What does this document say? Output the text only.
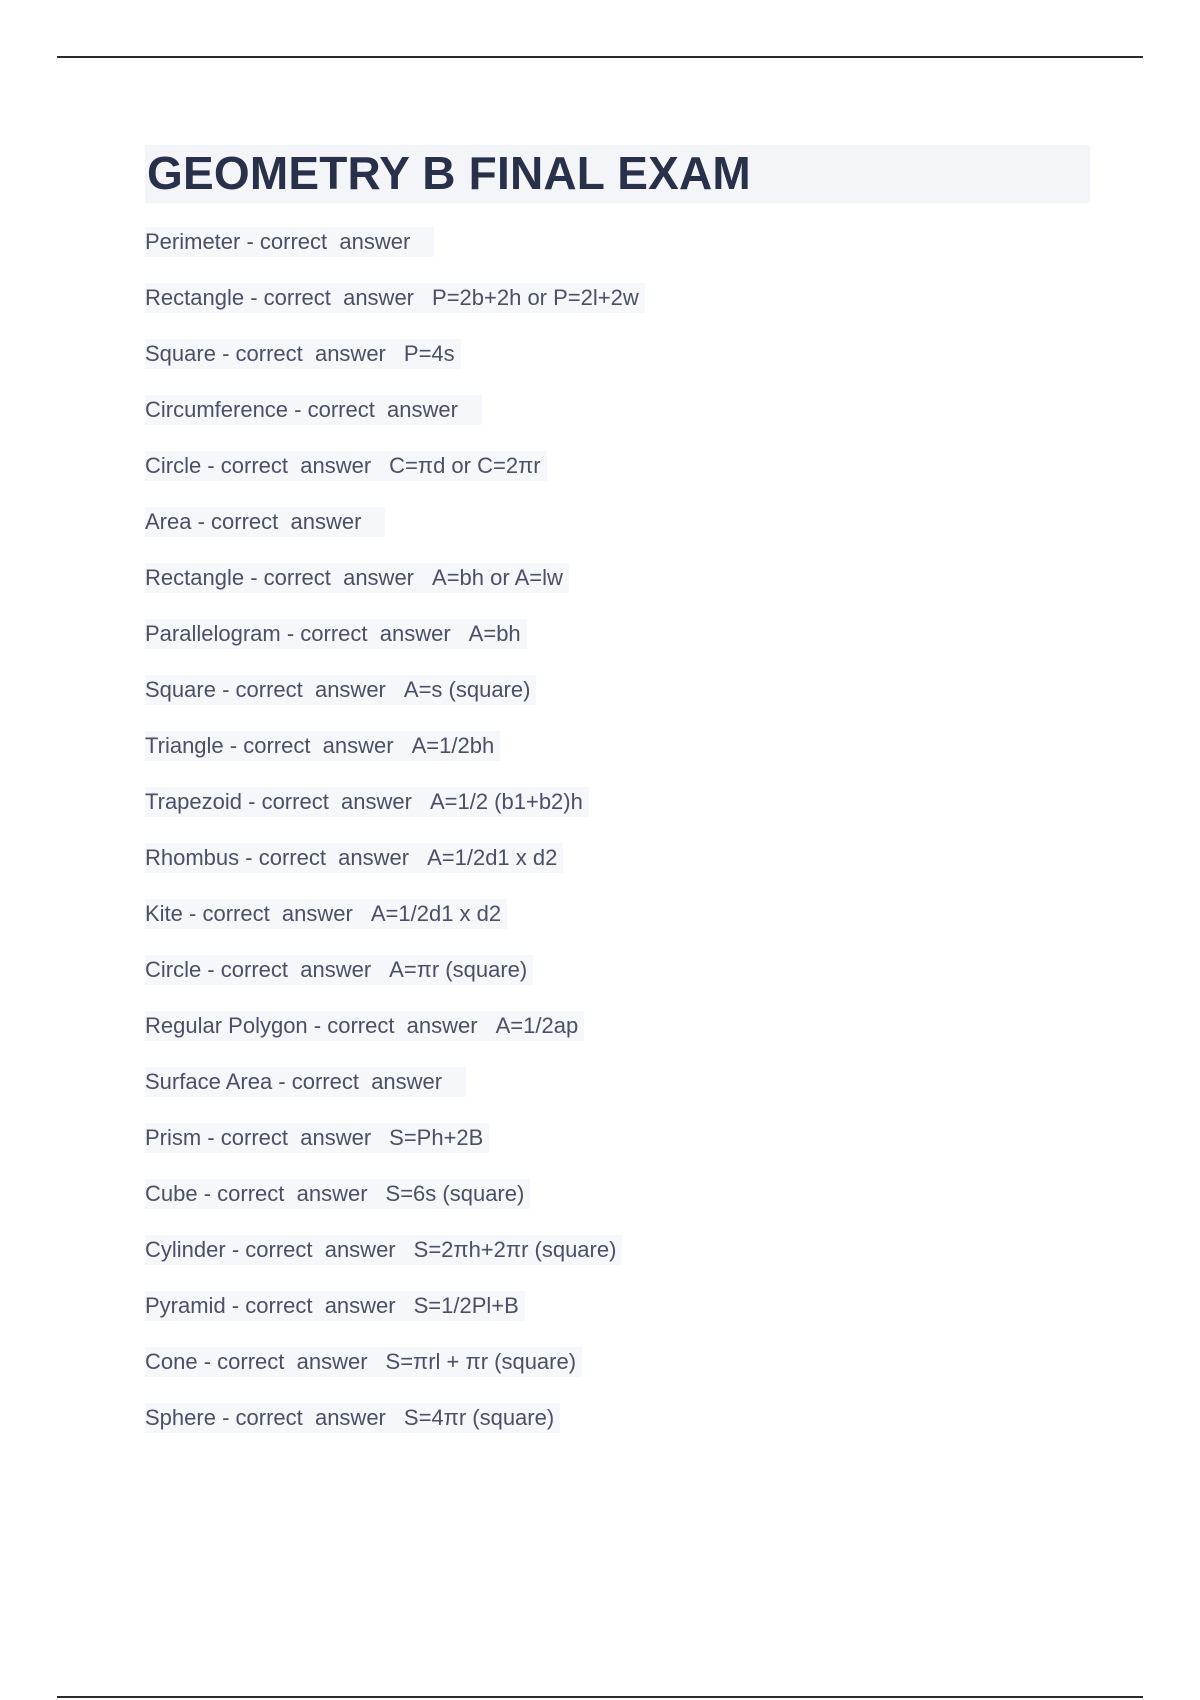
GEOMETRY B FINAL EXAM
Perimeter - correct  answer
Rectangle - correct  answer P=2b+2h or P=2l+2w
Square - correct  answer P=4s
Circumference - correct  answer
Circle - correct  answer C=πd or C=2πr
Area - correct  answer
Rectangle - correct  answer A=bh or A=lw
Parallelogram - correct  answer A=bh
Square - correct  answer A=s (square)
Triangle - correct  answer A=1/2bh
Trapezoid - correct  answer A=1/2 (b1+b2)h
Rhombus - correct  answer A=1/2d1 x d2
Kite - correct  answer A=1/2d1 x d2
Circle - correct  answer A=πr (square)
Regular Polygon - correct  answer A=1/2ap
Surface Area - correct  answer
Prism - correct  answer S=Ph+2B
Cube - correct  answer S=6s (square)
Cylinder - correct  answer S=2πh+2πr (square)
Pyramid - correct  answer S=1/2Pl+B
Cone - correct  answer S=πrl + πr (square)
Sphere - correct  answer S=4πr (square)
